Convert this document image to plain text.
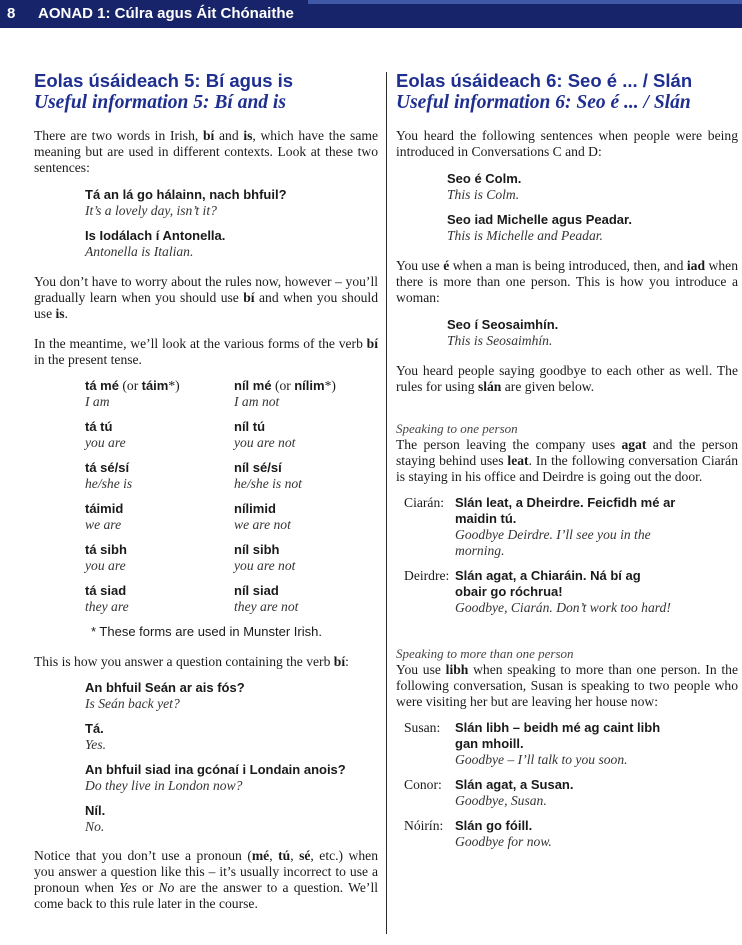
8 AONAD 1: Cúlra agus Áit Chónaithe
Eolas úsáideach 5: Bí agus is
Useful information 5: Bí and is

There are two words in Irish, bí and is, which have the same meaning but are used in different contexts. Look at these two sentences:

Tá an lá go hálainn, nach bhfuil?
It’s a lovely day, isn’t it?
Is Iodálach í Antonella.
Antonella is Italian.

You don’t have to worry about the rules now, however – you’ll gradually learn when you should use bí and when you should use is.

In the meantime, we’ll look at the various forms of the verb bí in the present tense.

tá mé (or táim*)
I am
níl mé (or nílim*)
I am not
tá tú
you are
níl tú
you are not
tá sé/sí
he/she is
níl sé/sí
he/she is not
táimid
we are
nílimid
we are not
tá sibh
you are
níl sibh
you are not
tá siad
they are
níl siad
they are not
* These forms are used in Munster Irish.

This is how you answer a question containing the verb bí:

An bhfuil Seán ar ais fós?
Is Seán back yet?
Tá.
Yes.
An bhfuil siad ina gcónaí i Londain anois?
Do they live in London now?
Níl.
No.

Notice that you don’t use a pronoun (mé, tú, sé, etc.) when you answer a question like this – it’s usually incorrect to use a pronoun when Yes or No are the answer to a question. We’ll come back to this rule later in the course.

Eolas úsáideach 6: Seo é ... / Slán
Useful information 6: Seo é ... / Slán

You heard the following sentences when people were being introduced in Conversations C and D:

Seo é Colm.
This is Colm.
Seo iad Michelle agus Peadar.
This is Michelle and Peadar.

You use é when a man is being introduced, then, and iad when there is more than one person. This is how you introduce a woman:

Seo í Seosaimhín.
This is Seosaimhín.

You heard people saying goodbye to each other as well. The rules for using slán are given below.

Speaking to one person

The person leaving the company uses agat and the person staying behind uses leat. In the following conversation Ciarán is staying in his office and Deirdre is going out the door.

Ciarán: Slán leat, a Dheirdre. Feicfidh mé ar maidin tú.
Goodbye Deirdre. I’ll see you in the morning.
Deirdre: Slán agat, a Chiaráin. Ná bí ag obair go róchrua!
Goodbye, Ciarán. Don’t work too hard!
Speaking to more than one person

You use libh when speaking to more than one person. In the following conversation, Susan is speaking to two people who were visiting her but are leaving her house now:

Susan:	Slán libh – beidh mé ag caint libh gan mhoill.
Goodbye – I’ll talk to you soon.
Conor:	Slán agat, a Susan.
Goodbye, Susan.
Nóirín: Slán go fóill.
Goodbye for now.
